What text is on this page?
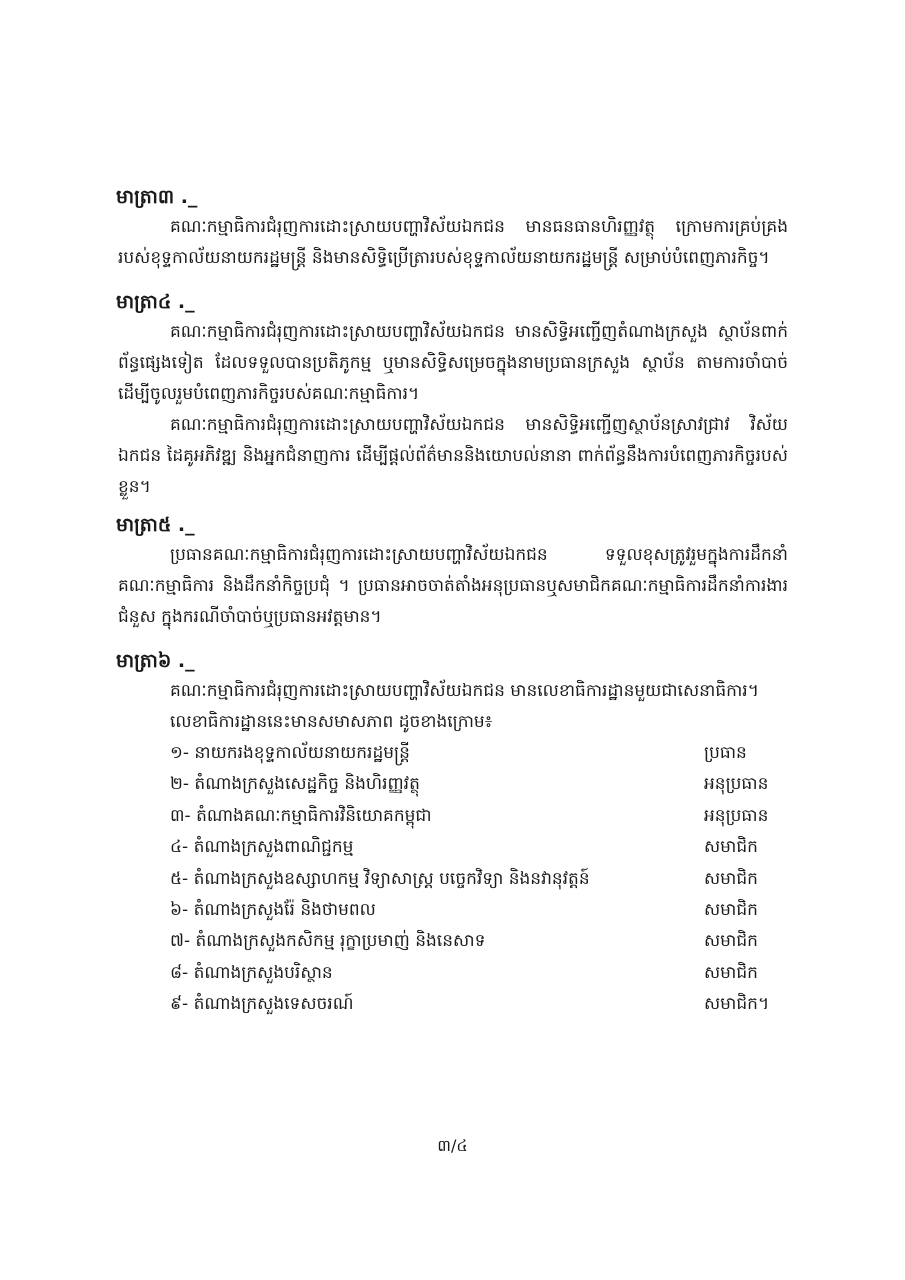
មាត្រា៣ ._

គណៈកម្មាធិការជំរុញការដោះស្រាយបញ្ហាវិស័យឯកជន មានធនធានហិរញ្ញវត្ថុ ក្រោមការគ្រប់គ្រងរបស់ខុទ្ទកាល័យនាយករដ្ឋមន្ត្រី និងមានសិទ្ធិប្រើត្រារបស់ខុទ្ទកាល័យនាយករដ្ឋមន្ត្រី សម្រាប់បំពេញភារកិច្ច។

មាត្រា៤ ._

គណៈកម្មាធិការជំរុញការដោះស្រាយបញ្ហាវិស័យឯកជន មានសិទ្ធិអញ្ជើញតំណាងក្រសួង ស្ថាប័នពាក់ព័ន្ធផ្សេងទៀត ដែលទទួលបានប្រតិភូកម្ម ឬមានសិទ្ធិសម្រេចក្នុងនាមប្រធានក្រសួង ស្ថាប័ន តាមការចាំបាច់ ដើម្បីចូលរួមបំពេញភារកិច្ចរបស់គណៈកម្មាធិការ។

គណៈកម្មាធិការជំរុញការដោះស្រាយបញ្ហាវិស័យឯកជន មានសិទ្ធិអញ្ជើញស្ថាប័នស្រាវជ្រាវ វិស័យឯកជន ដៃគូអភិវឌ្ឍ និងអ្នកជំនាញការ ដើម្បីផ្តល់ព័ត៌មាននិងយោបល់នានា ពាក់ព័ន្ធនឹងការបំពេញភារកិច្ចរបស់ខ្លួន។

មាត្រា៥ ._

ប្រធានគណៈកម្មាធិការជំរុញការដោះស្រាយបញ្ហាវិស័យឯកជន ទទួលខុសត្រូវរួមក្នុងការដឹកនាំគណៈកម្មាធិការ និងដឹកនាំកិច្ចប្រជុំ ។ ប្រធានអាចចាត់តាំងអនុប្រធានឬសមាជិកគណៈកម្មាធិការដឹកនាំការងារជំនួស ក្នុងករណីចាំបាច់ឬប្រធានអវត្តមាន។

មាត្រា៦ ._

គណៈកម្មាធិការជំរុញការដោះស្រាយបញ្ហាវិស័យឯកជន មានលេខាធិការដ្ឋានមួយជាសេនាធិការ។

លេខាធិការដ្ឋាននេះមានសមាសភាព ដូចខាងក្រោម៖

១- នាយករងខុទ្ទកាល័យនាយករដ្ឋមន្ត្រី	ប្រធាន
២- តំណាងក្រសួងសេដ្ឋកិច្ច និងហិរញ្ញវត្ថុ	អនុប្រធាន
៣- តំណាងគណៈកម្មាធិការវិនិយោគកម្ពុជា	អនុប្រធាន
៤- តំណាងក្រសួងពាណិជ្ជកម្ម	សមាជិក
៥- តំណាងក្រសួងឧស្សាហកម្ម វិទ្យាសាស្ត្រ បច្ចេកវិទ្យា និងនវានុវត្តន៍	សមាជិក
៦- តំណាងក្រសួងរ៉ែ និងថាមពល	សមាជិក
៧- តំណាងក្រសួងកសិកម្ម រុក្ខាប្រមាញ់ និងនេសាទ	សមាជិក
៨- តំណាងក្រសួងបរិស្ថាន	សមាជិក
៩- តំណាងក្រសួងទេសចរណ៍	សមាជិក។
៣/៤
